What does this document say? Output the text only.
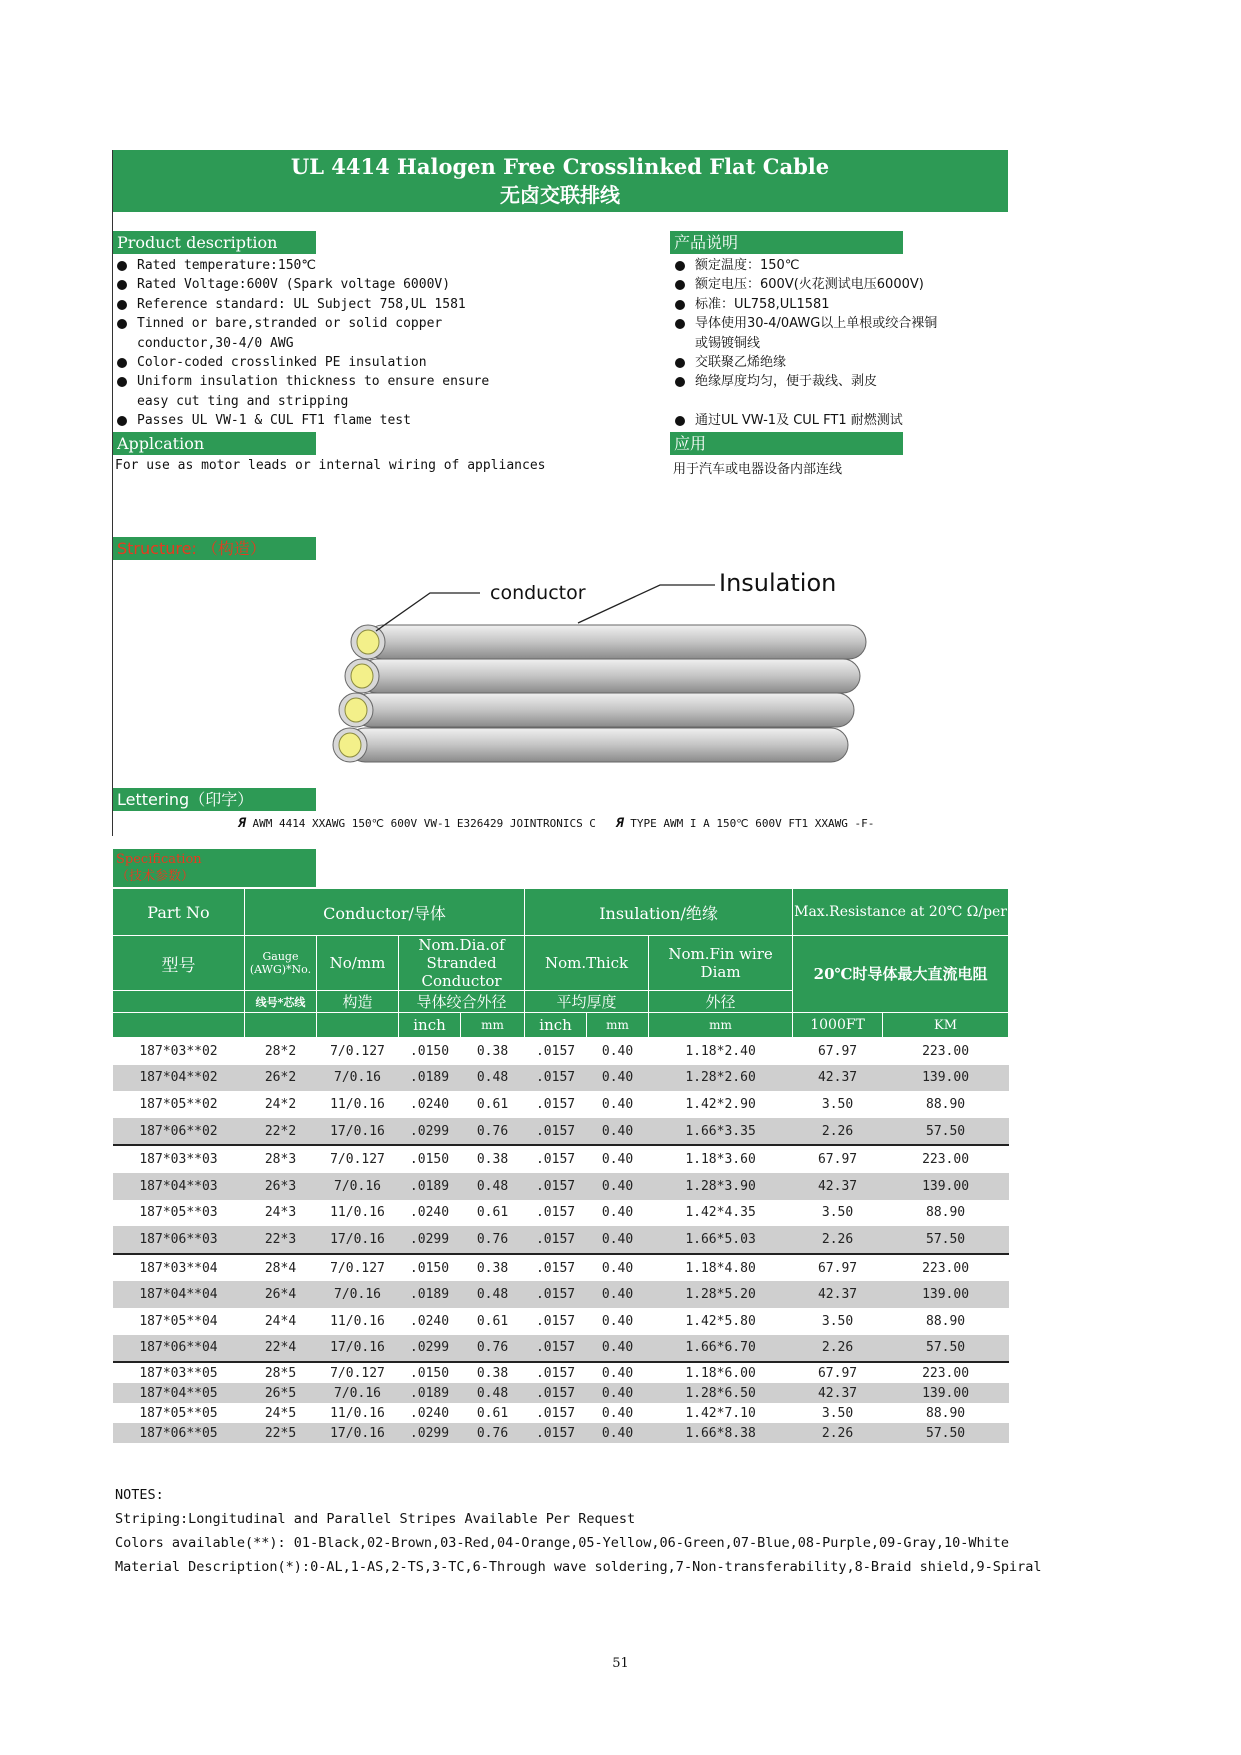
UL 4414 Halogen Free Crosslinked Flat Cable
无卤交联排线
Product description
Rated temperature:150℃
Rated Voltage:600V (Spark voltage 6000V)
Reference standard: UL Subject 758,UL 1581
Tinned or bare,stranded or solid copper
conductor,30-4/0 AWG
Color-coded crosslinked PE insulation
Uniform insulation thickness to ensure ensure
easy cut ting and stripping
Passes UL VW-1 & CUL FT1 flame test
产品说明
额定温度：150℃
额定电压：600V(火花测试电压6000V)
标准：UL758,UL1581
导体使用30-4/0AWG以上单根或绞合裸铜
或锡镀铜线
交联聚乙烯绝缘
绝缘厚度均匀，便于裁线、剥皮
通过UL VW-1及 CUL FT1 耐燃测试
Applcation
For use as motor leads or internal wiring of appliances
应用
用于汽车或电器设备内部连线
Structure: （构造）
conductor	Insulation
Lettering（印字）
Я AWM 4414 XXAWG 150℃ 600V VW-1 E326429 JOINTRONICS C Я TYPE AWM I A 150℃ 600V FT1 XXAWG -F-
Specification
（技术参数）
Part No	Conductor/导体				Insulation/绝缘			Max.Resistance at 20℃ Ω/per	
型号	Gauge (AWG)*No.	No/mm	Nom.Dia.of Stranded Conductor		Nom.Thick		Nom.Fin wire Diam	20℃时导体最大直流电阻	
	线号*芯线	构造	导体绞合外径		平均厚度		外径		
			inch	mm	inch	mm	mm	1000FT	KM
187*03**02	28*2	7/0.127	.0150	0.38	.0157	0.40	1.18*2.40	67.97	223.00
187*04**02	26*2	7/0.16	.0189	0.48	.0157	0.40	1.28*2.60	42.37	139.00
187*05**02	24*2	11/0.16	.0240	0.61	.0157	0.40	1.42*2.90	3.50	88.90
187*06**02	22*2	17/0.16	.0299	0.76	.0157	0.40	1.66*3.35	2.26	57.50
187*03**03	28*3	7/0.127	.0150	0.38	.0157	0.40	1.18*3.60	67.97	223.00
187*04**03	26*3	7/0.16	.0189	0.48	.0157	0.40	1.28*3.90	42.37	139.00
187*05**03	24*3	11/0.16	.0240	0.61	.0157	0.40	1.42*4.35	3.50	88.90
187*06**03	22*3	17/0.16	.0299	0.76	.0157	0.40	1.66*5.03	2.26	57.50
187*03**04	28*4	7/0.127	.0150	0.38	.0157	0.40	1.18*4.80	67.97	223.00
187*04**04	26*4	7/0.16	.0189	0.48	.0157	0.40	1.28*5.20	42.37	139.00
187*05**04	24*4	11/0.16	.0240	0.61	.0157	0.40	1.42*5.80	3.50	88.90
187*06**04	22*4	17/0.16	.0299	0.76	.0157	0.40	1.66*6.70	2.26	57.50
187*03**05	28*5	7/0.127	.0150	0.38	.0157	0.40	1.18*6.00	67.97	223.00
187*04**05	26*5	7/0.16	.0189	0.48	.0157	0.40	1.28*6.50	42.37	139.00
187*05**05	24*5	11/0.16	.0240	0.61	.0157	0.40	1.42*7.10	3.50	88.90
187*06**05	22*5	17/0.16	.0299	0.76	.0157	0.40	1.66*8.38	2.26	57.50
NOTES:
Striping:Longitudinal and Parallel Stripes Available Per Request
Colors available(**): 01-Black,02-Brown,03-Red,04-Orange,05-Yellow,06-Green,07-Blue,08-Purple,09-Gray,10-White
Material Description(*):0-AL,1-AS,2-TS,3-TC,6-Through wave soldering,7-Non-transferability,8-Braid shield,9-Spiral
51
